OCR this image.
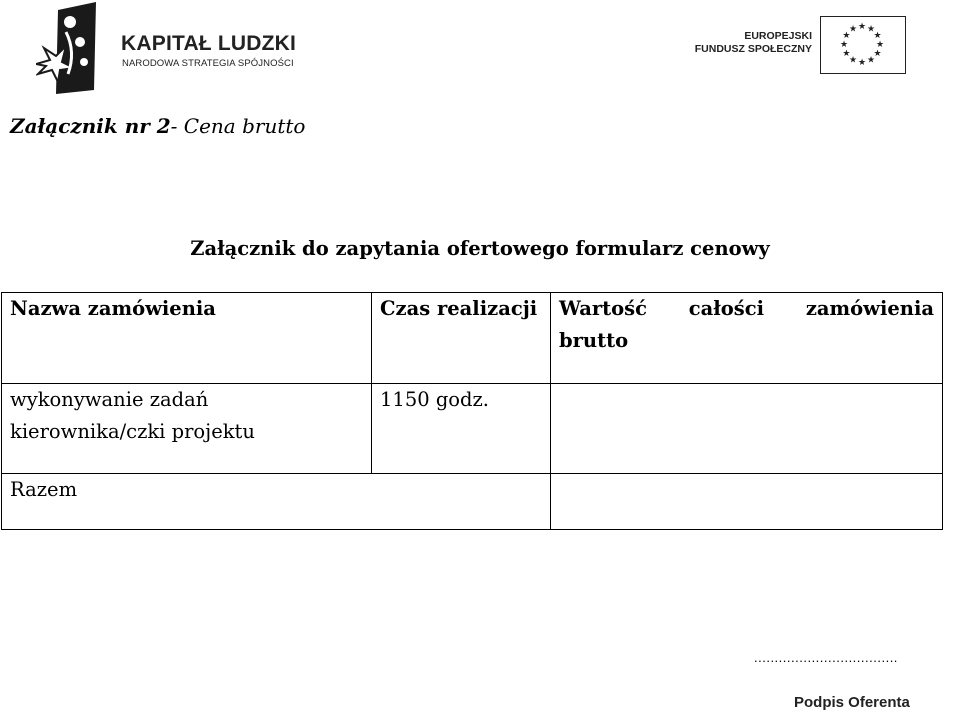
KAPITAŁ LUDZKI
NARODOWA STRATEGIA SPÓJNOŚCI
EUROPEJSKI
FUNDUSZ SPOŁECZNY
★ ★
★
★
★
★
★
★
★
★
★
★
Załącznik nr 2- Cena brutto
Załącznik do zapytania ofertowego formularz cenowy
Nazwa zamówienia	Czas realizacji	Wartość całości zamówienia brutto
wykonywanie zadań kierownika/czki projektu	1150 godz.	
Razem		
...................................
Podpis Oferenta
